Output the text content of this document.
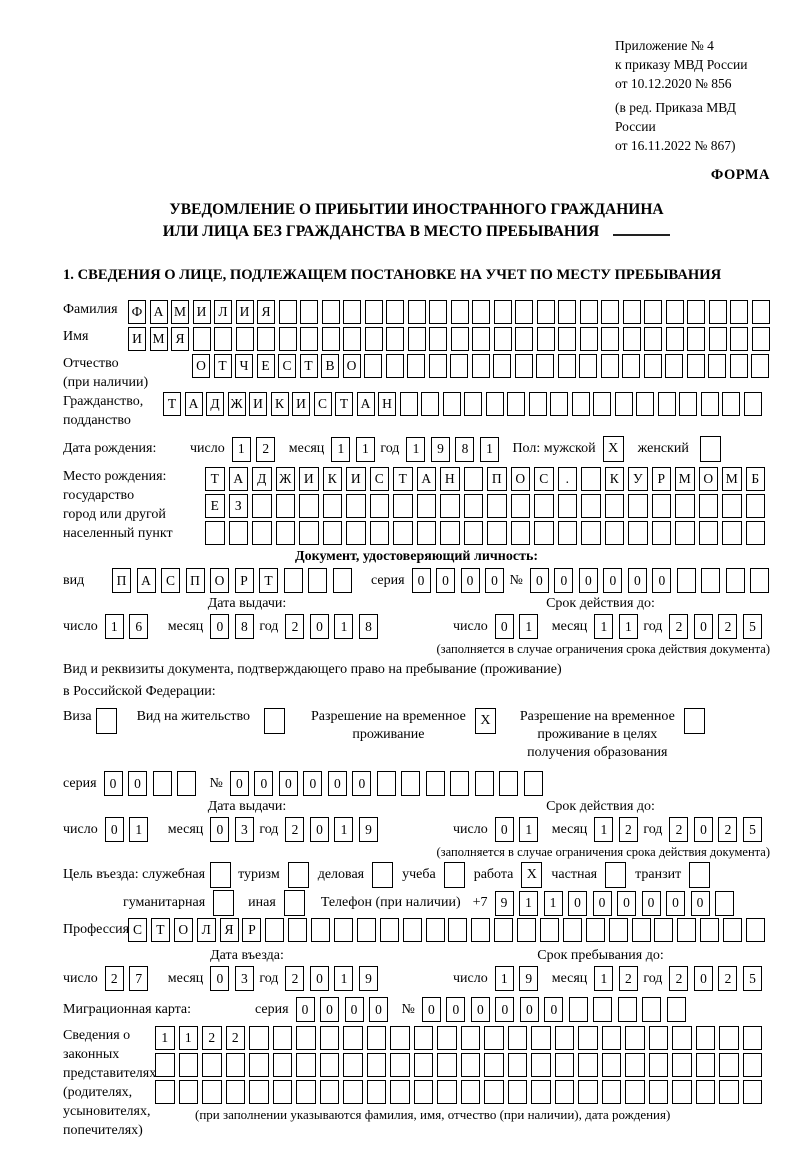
Приложение № 4
к приказу МВД России
от 10.12.2020 № 856
(в ред. Приказа МВД России
от 16.11.2022 № 867)
ФОРМА
УВЕДОМЛЕНИЕ О ПРИБЫТИИ ИНОСТРАННОГО ГРАЖДАНИНА
ИЛИ ЛИЦА БЕЗ ГРАЖДАНСТВА В МЕСТО ПРЕБЫВАНИЯ
1. СВЕДЕНИЯ О ЛИЦЕ, ПОДЛЕЖАЩЕМ ПОСТАНОВКЕ НА УЧЕТ ПО МЕСТУ ПРЕБЫВАНИЯ
Фамилия	Ф А М И Л И Я
Имя	И М Я
Отчество
(при наличии)
О Т Ч Е С Т В О
Гражданство,
подданство
Т А Д Ж И К И С Т А Н
Дата рождения:	число 1	2	месяц 1	1 год 1	9	8	1	Пол: мужской X	женский
Место рождения:
государство
город или другой
населенный пункт
Т	А	Д Ж И	К	И	С	Т	А	Н	П	О	С	.	К	У	Р	М О М	Б
Е	З
Документ, удостоверяющий личность:
вид	П	А	С	П	О	Р	Т	серия 0	0	0	0 № 0	0	0	0	0	0
Дата выдачи:
число 1	6	месяц 0	8 год 2	0	1	8
Срок действия до:
число 0	1	месяц 1	1 год 2	0	2	5
(заполняется в случае ограничения срока действия документа)
Вид и реквизиты документа, подтверждающего право на пребывание (проживание)
в Российской Федерации:
Виза	Вид на жительство	Разрешение на временное
проживание
X	Разрешение на временное
проживание в целях
получения образования
серия 0	0	№ 0	0	0	0	0	0
Дата выдачи:
число 0	1	месяц 0	3 год 2	0	1	9
Срок действия до:
число 0	1	месяц 1	2 год 2	0	2	5
(заполняется в случае ограничения срока действия документа)
Цель въезда: служебная туризм	деловая	учеба	работа X	частная	транзит
гуманитарная	иная	Телефон (при наличии) +7 9	1	1	0	0	0	0	0	0
Профессия С	Т	О Л	Я	Р
Дата въезда:
число 2	7	месяц 0	3 год 2	0	1	9
Срок пребывания до:
число 1	9	месяц 1	2 год 2	0	2	5
Миграционная карта:	серия 0	0	0	0	№ 0	0	0	0	0	0
Сведения о
законных
представителях
(родителях,
усыновителях,
попечителях)
1	1	2	2
(при заполнении указываются фамилия, имя, отчество (при наличии), дата рождения)
